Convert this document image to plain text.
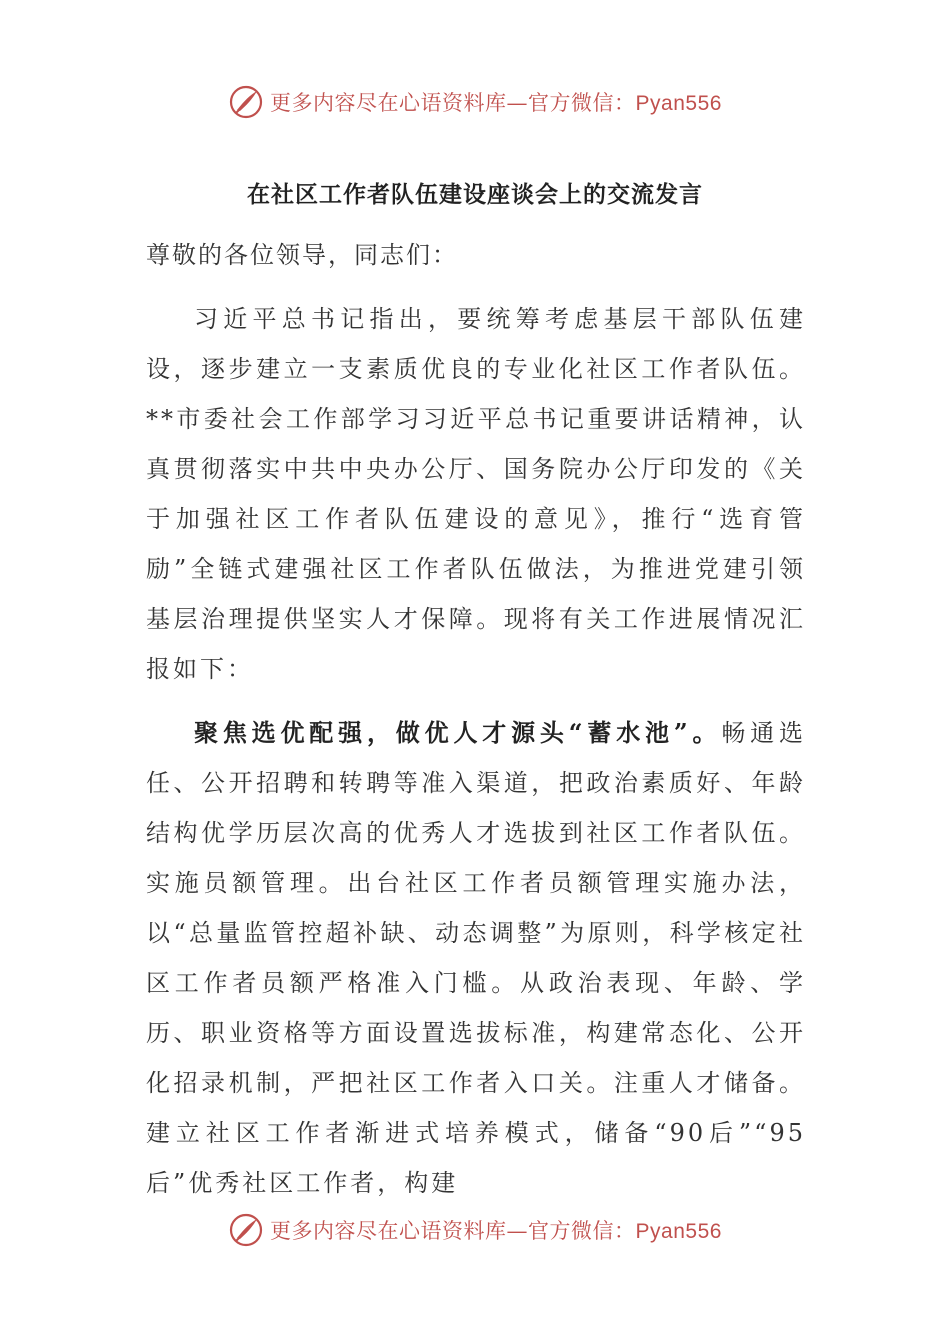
更多内容尽在心语资料库—官方微信：Pyan556
在社区工作者队伍建设座谈会上的交流发言

尊敬的各位领导，同志们：

习近平总书记指出，要统筹考虑基层干部队伍建设，逐步建立一支素质优良的专业化社区工作者队伍。**市委社会工作部学习习近平总书记重要讲话精神，认真贯彻落实中共中央办公厅、国务院办公厅印发的《关于加强社区工作者队伍建设的意见》，推行“选育管励”全链式建强社区工作者队伍做法，为推进党建引领基层治理提供坚实人才保障。现将有关工作进展情况汇报如下：

聚焦选优配强，做优人才源头“蓄水池”。畅通选任、公开招聘和转聘等准入渠道，把政治素质好、年龄结构优学历层次高的优秀人才选拔到社区工作者队伍。实施员额管理。出台社区工作者员额管理实施办法，以“总量监管控超补缺、动态调整”为原则，科学核定社区工作者员额严格准入门槛。从政治表现、年龄、学历、职业资格等方面设置选拔标准，构建常态化、公开化招录机制，严把社区工作者入口关。注重人才储备。建立社区工作者渐进式培养模式，储备“90后”“95后”优秀社区工作者，构建

更多内容尽在心语资料库—官方微信：Pyan556
